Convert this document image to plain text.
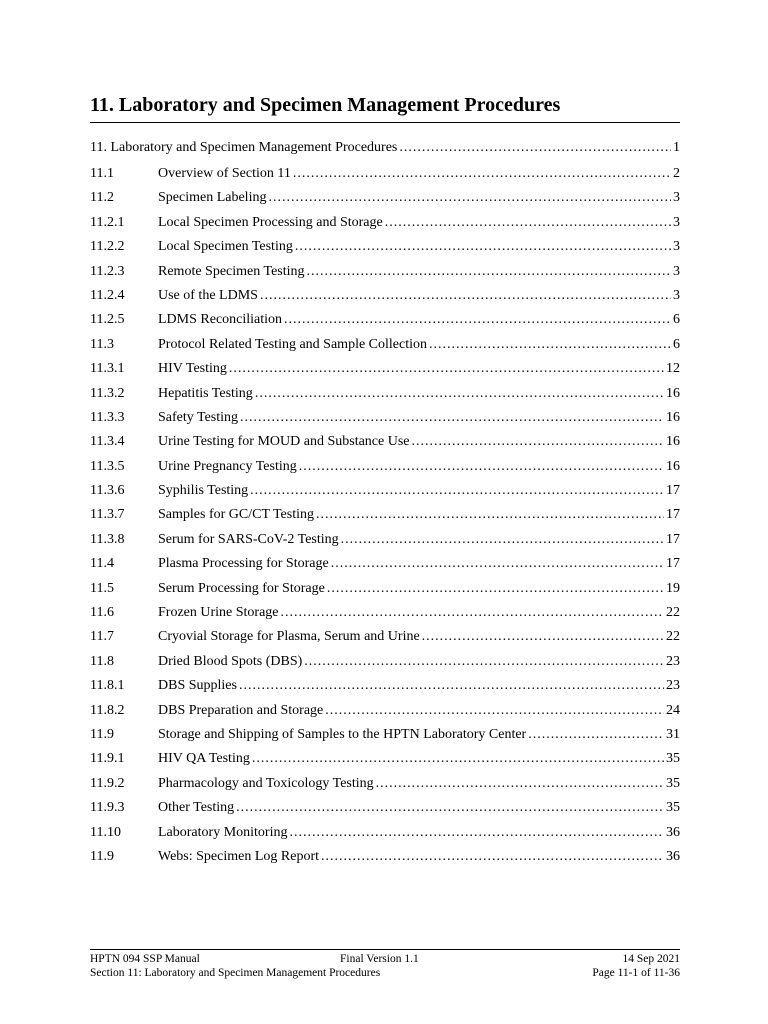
11. Laboratory and Specimen Management Procedures
11. Laboratory and Specimen Management Procedures .....	1
11.1	Overview of Section 11 .....	2
11.2	Specimen Labeling .....	3
11.2.1	Local Specimen Processing and Storage .....	3
11.2.2	Local Specimen Testing .....	3
11.2.3	Remote Specimen Testing .....	3
11.2.4	Use of the LDMS .....	3
11.2.5	LDMS Reconciliation .....	6
11.3	Protocol Related Testing and Sample Collection .....	6
11.3.1	HIV Testing .....	12
11.3.2	Hepatitis Testing .....	16
11.3.3	Safety Testing .....	16
11.3.4	Urine Testing for MOUD and Substance Use .....	16
11.3.5	Urine Pregnancy Testing .....	16
11.3.6	Syphilis Testing .....	17
11.3.7	Samples for GC/CT Testing .....	17
11.3.8	Serum for SARS-CoV-2 Testing .....	17
11.4	Plasma Processing for Storage .....	17
11.5	Serum Processing for Storage .....	19
11.6	Frozen Urine Storage .....	22
11.7	Cryovial Storage for Plasma, Serum and Urine .....	22
11.8	Dried Blood Spots (DBS) .....	23
11.8.1	DBS Supplies .....	23
11.8.2	DBS Preparation and Storage .....	24
11.9	Storage and Shipping of Samples to the HPTN Laboratory Center .....	31
11.9.1	HIV QA Testing .....	35
11.9.2	Pharmacology and Toxicology Testing .....	35
11.9.3	Other Testing .....	35
11.10	Laboratory Monitoring .....	36
11.9	Webs: Specimen Log Report .....	36
HPTN 094 SSP Manual
Section 11: Laboratory and Specimen Management Procedures
Final Version 1.1	14 Sep 2021
Page 11-1 of 11-36
